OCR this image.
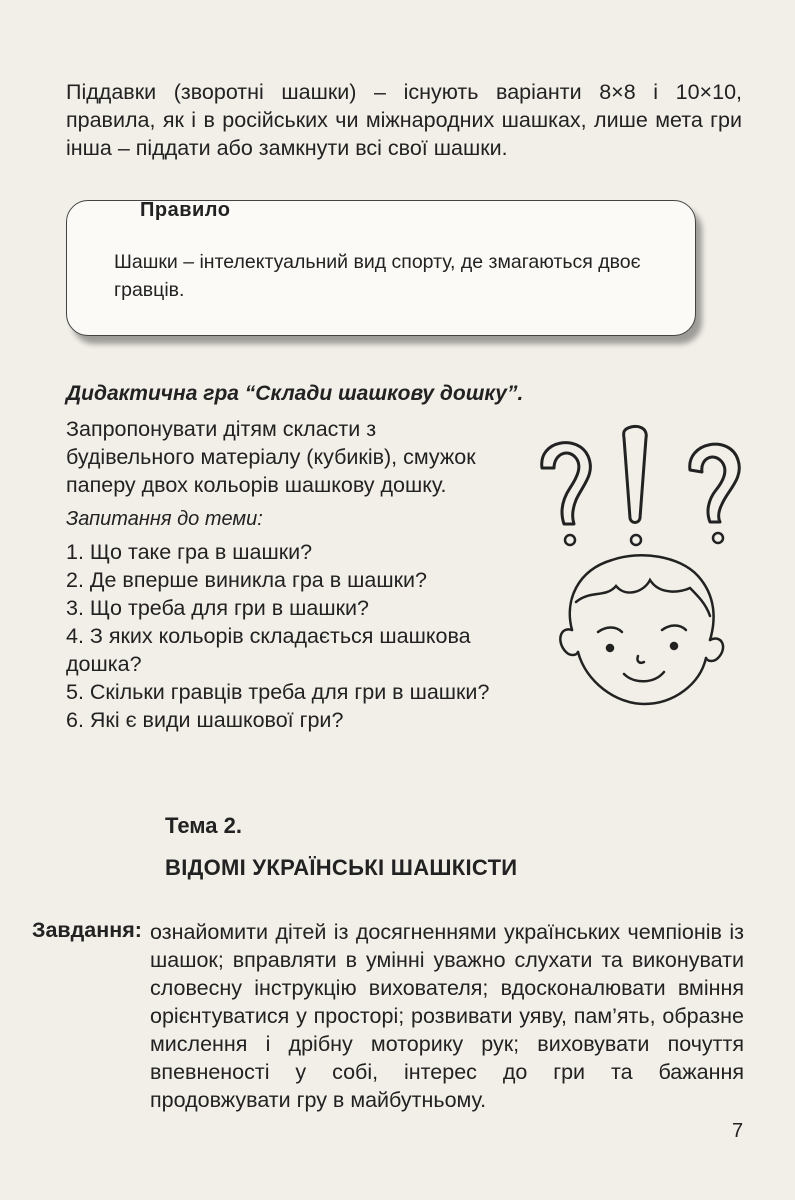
Піддавки (зворотні шашки) – існують варіанти 8×8 і 10×10, правила, як і в російських чи міжнародних шашках, лише мета гри інша – піддати або замкнути всі свої шашки.
Правило
Шашки – інтелектуальний вид спорту, де змагаються двоє гравців.
Дидактична гра “Склади шашкову дошку”.
Запропонувати дітям скласти з будівельного матеріалу (кубиків), смужок паперу двох кольорів шашкову дошку.
Запитання до теми:
1. Що таке гра в шашки?
2. Де вперше виникла гра в шашки?
3. Що треба для гри в шашки?
4. З яких кольорів складається шашкова дошка?
5. Скільки гравців треба для гри в шашки?
6. Які є види шашкової гри?
Тема 2.
ВІДОМІ УКРАЇНСЬКІ ШАШКІСТИ
Завдання: ознайомити дітей із досягненнями українських чемпіонів із шашок; вправляти в умінні уважно слухати та виконувати словесну інструкцію вихователя; вдосконалювати вміння орієнтуватися у просторі; розвивати уяву, пам’ять, образне мислення і дрібну моторику рук; виховувати почуття впевненості у собі, інтерес до гри та бажання продовжувати гру в майбутньому.
7
